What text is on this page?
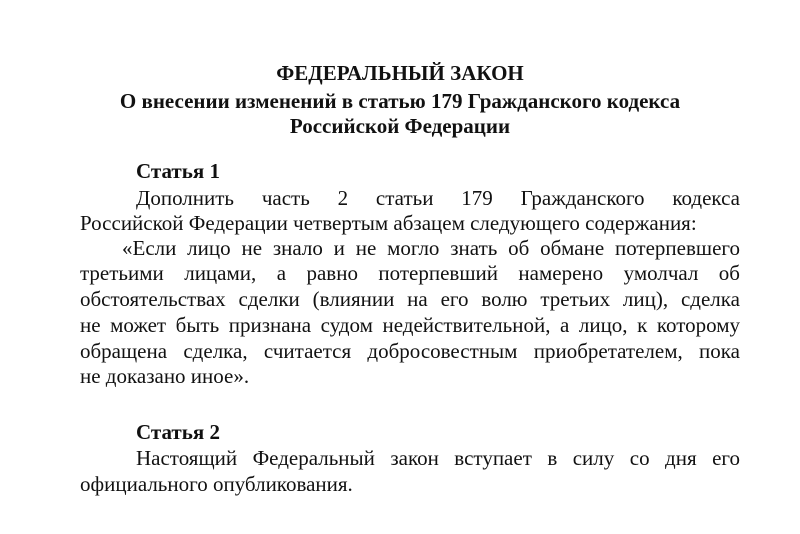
ФЕДЕРАЛЬНЫЙ ЗАКОН
О внесении изменений в статью 179 Гражданского кодекса
Российской Федерации
Статья 1

Дополнить часть 2 статьи 179 Гражданского кодекса

Российской Федерации четвертым абзацем следующего содержания:

«Если лицо не знало и не могло знать об обмане потерпевшего

третьими лицами, а равно потерпевший намерено умолчал об

обстоятельствах сделки (влиянии на его волю третьих лиц), сделка

не может быть признана судом недействительной, а лицо, к которому

обращена сделка, считается добросовестным приобретателем, пока

не доказано иное».

Статья 2

Настоящий Федеральный закон вступает в силу со дня его

официального опубликования.
